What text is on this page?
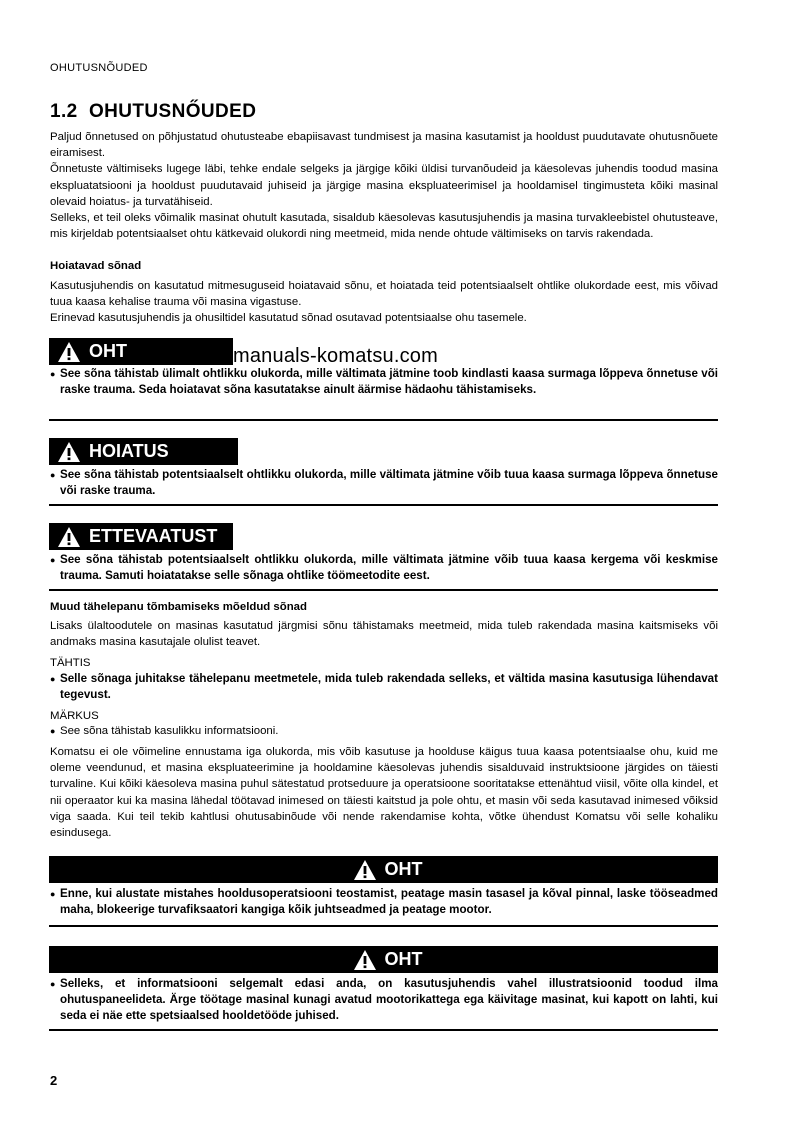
OHUTUSNÕUDED
1.2 OHUTUSNŐUDED

Paljud õnnetused on põhjustatud ohutusteabe ebapiisavast tundmisest ja masina kasutamist ja hooldust puudutavate ohutusnõuete eiramisest.

Õnnetuste vältimiseks lugege läbi, tehke endale selgeks ja järgige kõiki üldisi turvanõudeid ja käesolevas juhendis toodud masina ekspluatatsiooni ja hooldust puudutavaid juhiseid ja järgige masina ekspluateerimisel ja hooldamisel tingimusteta kõiki masinal olevaid hoiatus- ja turvatähiseid.

Selleks, et teil oleks võimalik masinat ohutult kasutada, sisaldub käesolevas kasutusjuhendis ja masina turvakleebistel ohutusteave, mis kirjeldab potentsiaalset ohtu kätkevaid olukordi ning meetmeid, mida nende ohtude vältimiseks on tarvis rakendada.

Hoiatavad sõnad

Kasutusjuhendis on kasutatud mitmesuguseid hoiatavaid sõnu, et hoiatada teid potentsiaalselt ohtlike olukordade eest, mis võivad tuua kaasa kehalise trauma või masina vigastuse.

Erinevad kasutusjuhendis ja ohusiltidel kasutatud sõnad osutavad potentsiaalse ohu tasemele.

OHT	manuals-komatsu.com
● See sõna tähistab ülimalt ohtlikku olukorda, mille vältimata jätmine toob kindlasti kaasa surmaga lõppeva õnnetuse või raske trauma. Seda hoiatavat sõna kasutatakse ainult äärmise hädaohu tähistamiseks.
HOIATUS
● See sõna tähistab potentsiaalselt ohtlikku olukorda, mille vältimata jätmine võib tuua kaasa surmaga lõppeva õnnetuse või raske trauma.
ETTEVAATUST
● See sõna tähistab potentsiaalselt ohtlikku olukorda, mille vältimata jätmine võib tuua kaasa kergema või keskmise trauma. Samuti hoiatatakse selle sõnaga ohtlike töömeetodite eest.
Muud tähelepanu tõmbamiseks mõeldud sõnad
Lisaks ülaltoodutele on masinas kasutatud järgmisi sõnu tähistamaks meetmeid, mida tuleb rakendada masina kaitsmiseks või andmaks masina kasutajale olulist teavet.
TÄHTIS
● Selle sõnaga juhitakse tähelepanu meetmetele, mida tuleb rakendada selleks, et vältida masina kasutusiga lühendavat tegevust.
MÄRKUS
● See sõna tähistab kasulikku informatsiooni.
Komatsu ei ole võimeline ennustama iga olukorda, mis võib kasutuse ja hoolduse käigus tuua kaasa potentsiaalse ohu, kuid me oleme veendunud, et masina ekspluateerimine ja hooldamine käesolevas juhendis sisalduvaid instruktsioone järgides on täiesti turvaline. Kui kõiki käesoleva masina puhul sätestatud protseduure ja operatsioone sooritatakse ettenähtud viisil, võite olla kindel, et nii operaator kui ka masina lähedal töötavad inimesed on täiesti kaitstud ja pole ohtu, et masin või seda kasutavad inimesed võiksid viga saada. Kui teil tekib kahtlusi ohutusabinõude või nende rakendamise kohta, võtke ühendust Komatsu või selle kohaliku esindusega.
OHT
● Enne, kui alustate mistahes hooldusoperatsiooni teostamist, peatage masin tasasel ja kõval pinnal, laske tööseadmed maha, blokeerige turvafiksaatori kangiga kõik juhtseadmed ja peatage mootor.
OHT
● Selleks, et informatsiooni selgemalt edasi anda, on kasutusjuhendis vahel illustratsioonid toodud ilma ohutuspaneelideta. Ärge töötage masinal kunagi avatud mootorikattega ega käivitage masinat, kui kapott on lahti, kui seda ei näe ette spetsiaalsed hooldetööde juhised.
2
